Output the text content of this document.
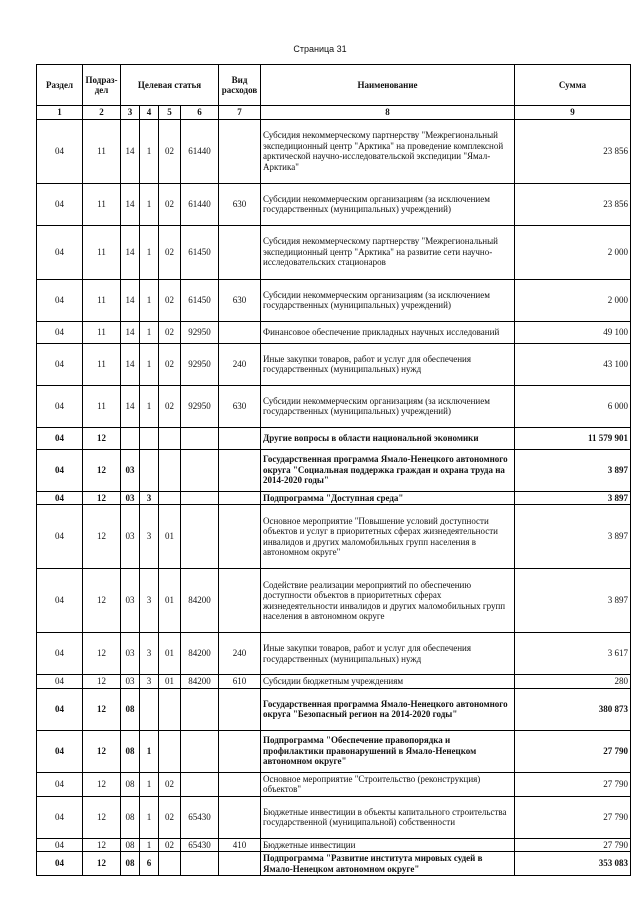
Страница 31
Раздел	Подраз-дел	Целевая статья				Вид расходов	Наименование	Сумма
1	2	3	4	5	6	7	8	9
04	11	14	1	02	61440		Субсидия некоммерческому партнерству "Межрегиональный экспедиционный центр "Арктика" на проведение комплексной арктической научно-исследовательской экспедиции "Ямал-Арктика"	23 856
04	11	14	1	02	61440	630	Субсидии некоммерческим организациям (за исключением государственных (муниципальных) учреждений)	23 856
04	11	14	1	02	61450		Субсидия некоммерческому партнерству "Межрегиональный экспедиционный центр "Арктика" на развитие сети научно-исследовательских стационаров	2 000
04	11	14	1	02	61450	630	Субсидии некоммерческим организациям (за исключением государственных (муниципальных) учреждений)	2 000
04	11	14	1	02	92950		Финансовое обеспечение прикладных научных исследований	49 100
04	11	14	1	02	92950	240	Иные закупки товаров, работ и услуг для обеспечения государственных (муниципальных) нужд	43 100
04	11	14	1	02	92950	630	Субсидии некоммерческим организациям (за исключением государственных (муниципальных) учреждений)	6 000
04	12						Другие вопросы в области национальной экономики	11 579 901
04	12	03					Государственная программа Ямало-Ненецкого автономного округа "Социальная поддержка граждан и охрана труда на 2014-2020 годы"	3 897
04	12	03	3				Подпрограмма "Доступная среда"	3 897
04	12	03	3	01			Основное мероприятие "Повышение условий доступности объектов и услуг в приоритетных сферах жизнедеятельности инвалидов и других маломобильных групп населения в автономном округе"	3 897
04	12	03	3	01	84200		Содействие реализации мероприятий по обеспечению доступности объектов в приоритетных сферах жизнедеятельности инвалидов и других маломобильных групп населения в автономном округе	3 897
04	12	03	3	01	84200	240	Иные закупки товаров, работ и услуг для обеспечения государственных (муниципальных) нужд	3 617
04	12	03	3	01	84200	610	Субсидии бюджетным учреждениям	280
04	12	08					Государственная программа Ямало-Ненецкого автономного округа "Безопасный регион на 2014-2020 годы"	380 873
04	12	08	1				Подпрограмма "Обеспечение правопорядка и профилактики правонарушений в Ямало-Ненецком автономном округе"	27 790
04	12	08	1	02			Основное мероприятие "Строительство (реконструкция) объектов"	27 790
04	12	08	1	02	65430		Бюджетные инвестиции в объекты капитального строительства государственной (муниципальной) собственности	27 790
04	12	08	1	02	65430	410	Бюджетные инвестиции	27 790
04	12	08	6				Подпрограмма "Развитие института мировых судей в Ямало-Ненецком автономном округе"	353 083
